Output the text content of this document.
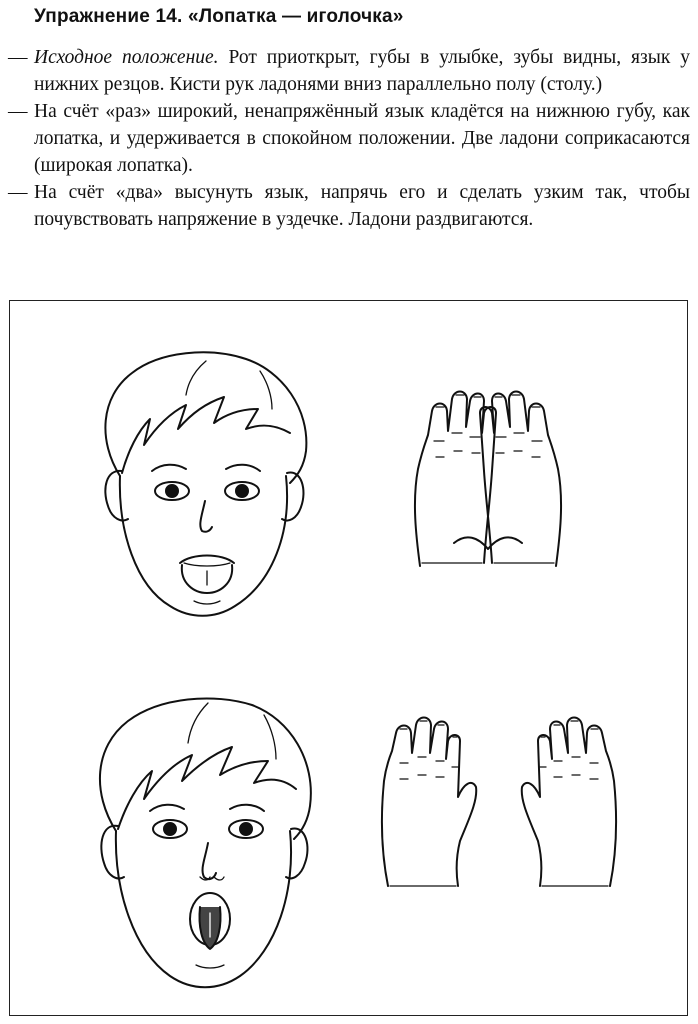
Упражнение 14. «Лопатка — иголочка»

— Исходное положение. Рот приоткрыт, губы в улыбке, зубы видны, язык у нижних резцов. Кисти рук ладонями вниз параллельно полу (столу.)

— На счёт «раз» широкий, ненапряжённый язык кладётся на нижнюю губу, как лопатка, и удерживается в спокойном положении. Две ладони соприкасаются (широкая лопатка).

— На счёт «два» высунуть язык, напрячь его и сделать узким так, чтобы почувствовать напряжение в уздечке. Ладони раздвигаются.
